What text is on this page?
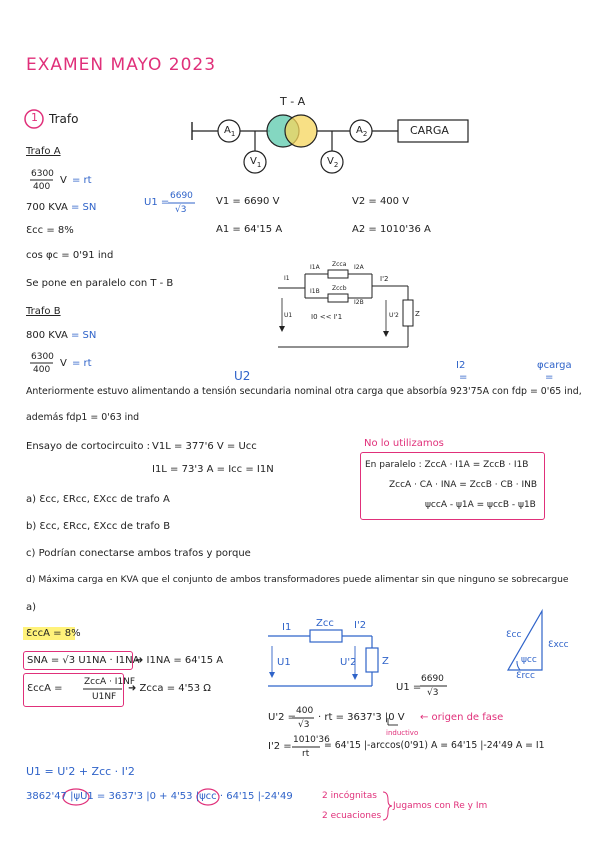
EXAMEN MAYO 2023
1 Trafo
T - A
$A_1$	$A_2$
$V_1$	$V_2$
CARGA
Trafo A
6300
400
V = rt
700 KVA = SN
Ɛcc = 8%
cos φc = 0'91 ind
Se pone en paralelo con T - B
U1 =
6690
√3
V1 = 6690 V	V2 = 400 V
A1 = 64'15 A	A2 = 1010'36 A
I1
I1A Zcca I2A
I1B Zccb
I2B
I'2
U1	U'2 Z
I0 << I'1
Trafo B
800 KVA = SN
6300
400
V = rt
U2
I2
=
φcarga
=
Anteriormente estuvo alimentando a tensión secundaria nominal otra carga que absorbía 923'75A con fdp = 0'65 ind,
además fdp1 = 0'63 ind
Ensayo de cortocircuito : V1L = 377'6 V = Ucc
I1L = 73'3 A = Icc = I1N
No lo utilizamos
En paralelo : ZccA · I1A = ZccB · I1B
ZccA · CA · INA = ZccB · CB · INB
ψccA - ψ1A = ψccB - ψ1B
a) Ɛcc, ƐRcc, ƐXcc de trafo A
b) Ɛcc, ƐRcc, ƐXcc de trafo B
c) Podrían conectarse ambos trafos y porque
d) Máxima carga en KVA que el conjunto de ambos transformadores puede alimentar sin que ninguno se sobrecargue
a)
ƐccA = 8%
SNA = √3 U1NA · I1NA
➜ I1NA = 64'15 A
ƐccA =
ZccA · I1NF
U1NF
➜ Zcca = 4'53 Ω
I1 Zcc I'2
U1	U'2	Z
Ɛcc
Ɛxcc
Ɛrcc
ψcc
U1 =
6690
√3
U'2 =
400
√3
· rt = 3637'3 |0 V ← origen de fase
inductivo
I'2 =
1010'36
rt
= 64'15 |-arccos(0'91) A = 64'15 |-24'49 A = I1
U1 = U'2 + Zcc · I'2
3862'47 |ψU1 = 3637'3 |0 + 4'53 |ψcc · 64'15 |-24'49	2 incógnitas
2 ecuaciones
Jugamos con Re y Im
